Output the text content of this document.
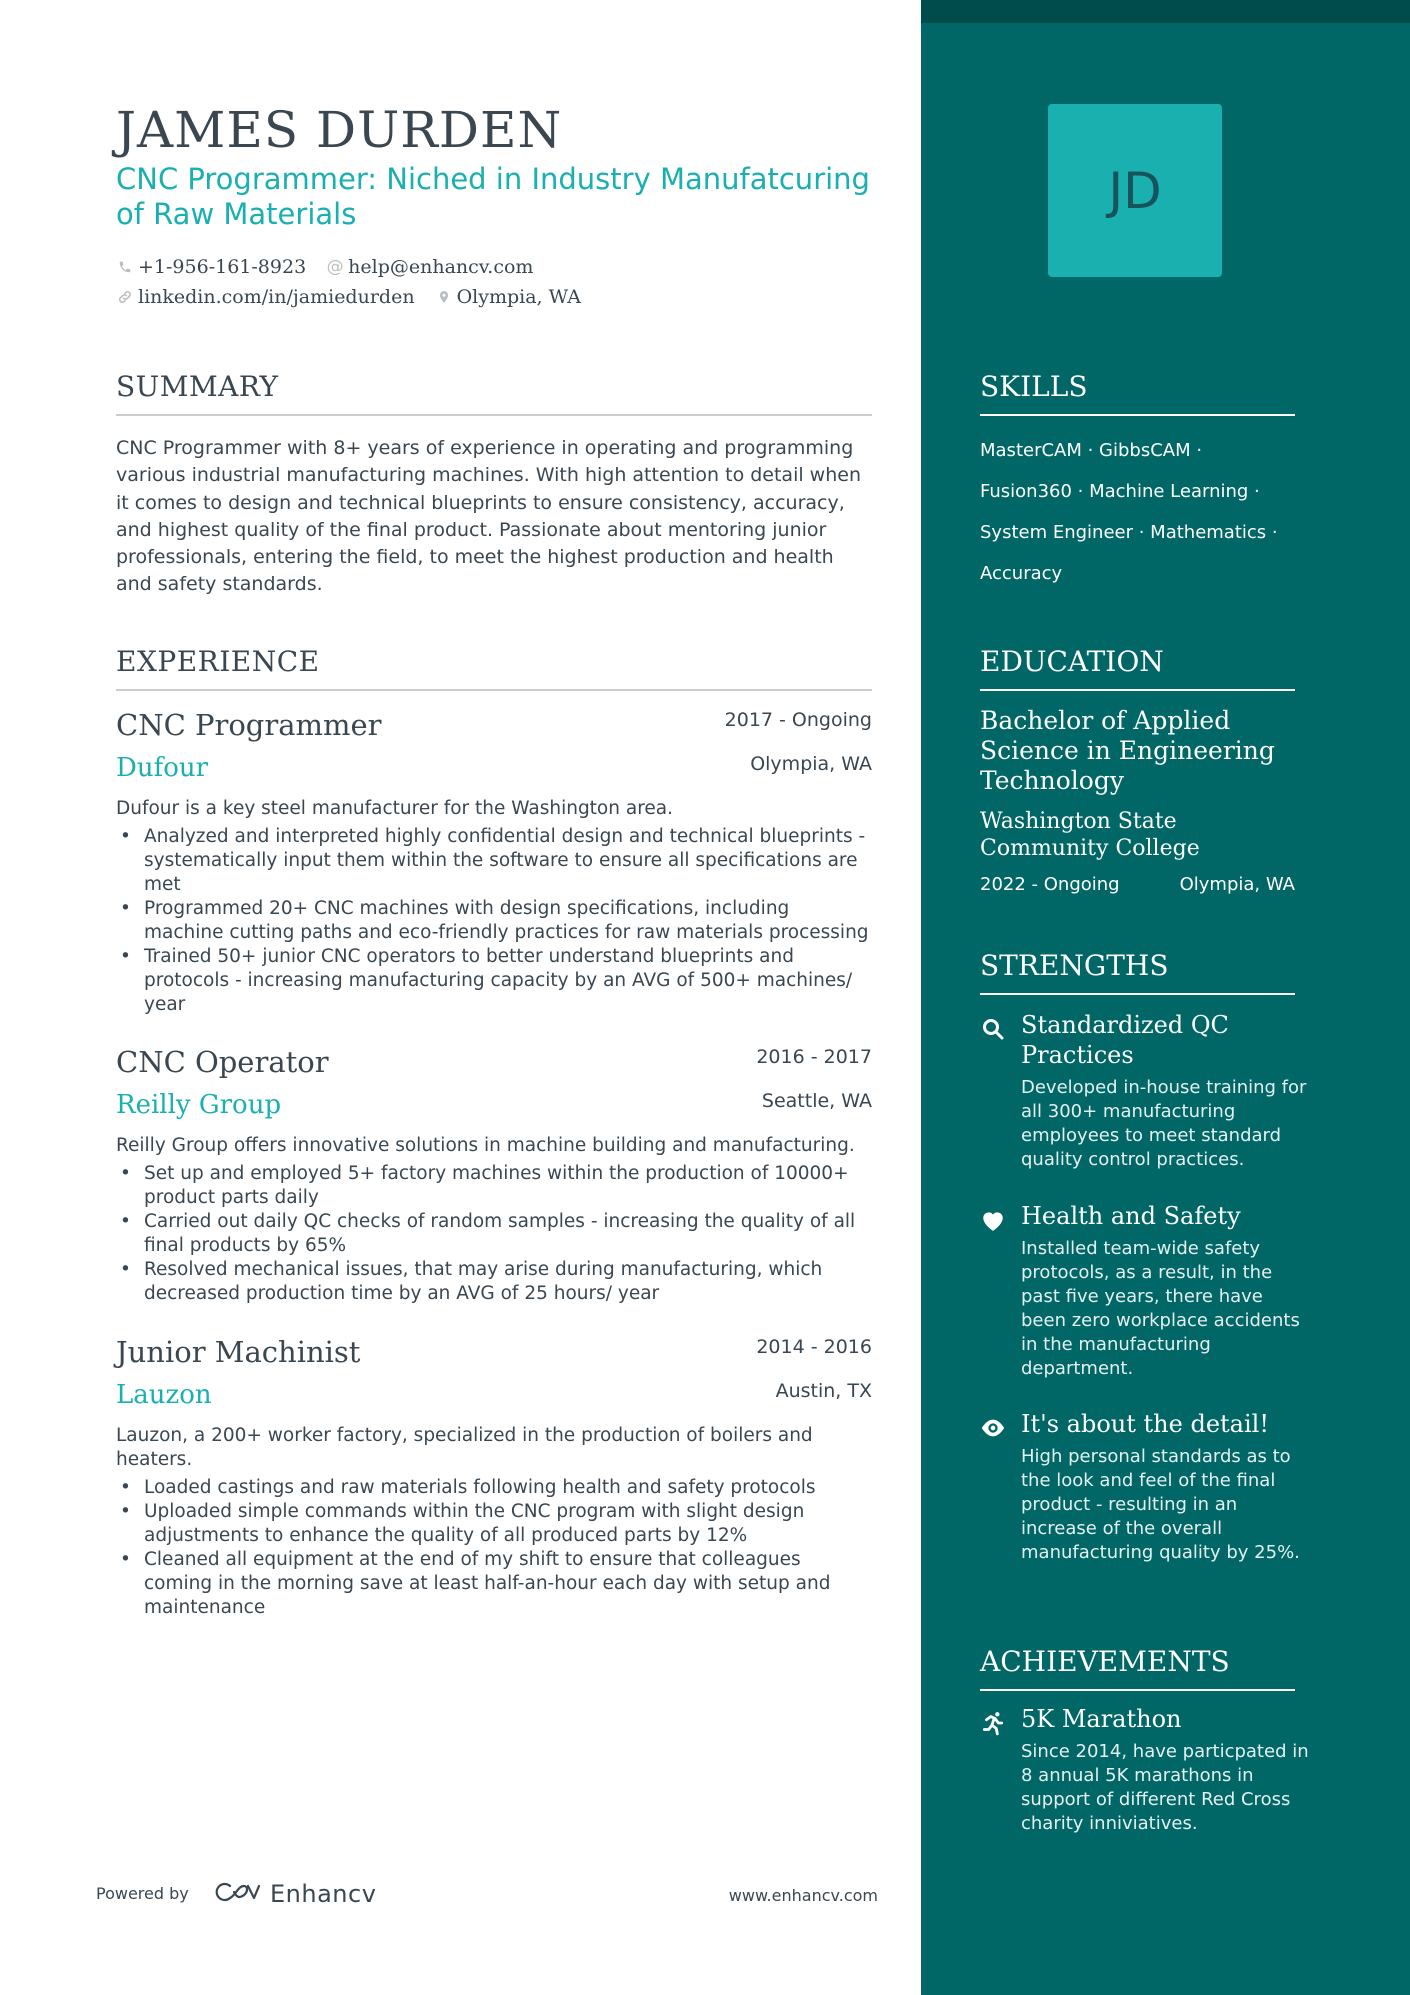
JAMES DURDEN
CNC Programmer: Niched in Industry Manufatcuring of Raw Materials
+1-956-161-8923 @ help@enhancv.com
linkedin.com/in/jamiedurden Olympia, WA
SUMMARY
CNC Programmer with 8+ years of experience in operating and programming various industrial manufacturing machines. With high attention to detail when it comes to design and technical blueprints to ensure consistency, accuracy, and highest quality of the final product. Passionate about mentoring junior professionals, entering the field, to meet the highest production and health and safety standards.
EXPERIENCE
CNC Programmer	2017 - Ongoing
Dufour	Olympia, WA
Dufour is a key steel manufacturer for the Washington area.
• Analyzed and interpreted highly confidential design and technical blueprints - systematically input them within the software to ensure all specifications are met
• Programmed 20+ CNC machines with design specifications, including machine cutting paths and eco-friendly practices for raw materials processing
• Trained 50+ junior CNC operators to better understand blueprints and protocols - increasing manufacturing capacity by an AVG of 500+ machines/ year
CNC Operator	2016 - 2017
Reilly Group	Seattle, WA
Reilly Group offers innovative solutions in machine building and manufacturing.
• Set up and employed 5+ factory machines within the production of 10000+ product parts daily
• Carried out daily QC checks of random samples - increasing the quality of all final products by 65%
• Resolved mechanical issues, that may arise during manufacturing, which decreased production time by an AVG of 25 hours/ year
Junior Machinist	2014 - 2016
Lauzon	Austin, TX
Lauzon, a 200+ worker factory, specialized in the production of boilers and heaters.
• Loaded castings and raw materials following health and safety protocols
• Uploaded simple commands within the CNC program with slight design adjustments to enhance the quality of all produced parts by 12%
• Cleaned all equipment at the end of my shift to ensure that colleagues coming in the morning save at least half-an-hour each day with setup and maintenance
Powered by	Enhancv	www.enhancv.com
JD
SKILLS
MasterCAM · GibbsCAM ·
Fusion360 · Machine Learning ·
System Engineer · Mathematics ·
Accuracy
EDUCATION
Bachelor of Applied Science in Engineering Technology
Washington State Community College
2022 - Ongoing	Olympia, WA
STRENGTHS
Standardized QC Practices
Developed in-house training for all 300+ manufacturing employees to meet standard quality control practices.
Health and Safety
Installed team-wide safety protocols, as a result, in the past five years, there have been zero workplace accidents in the manufacturing department.
It's about the detail!
High personal standards as to the look and feel of the final product - resulting in an increase of the overall manufacturing quality by 25%.
ACHIEVEMENTS
5K Marathon
Since 2014, have particpated in 8 annual 5K marathons in support of different Red Cross charity inniviatives.
